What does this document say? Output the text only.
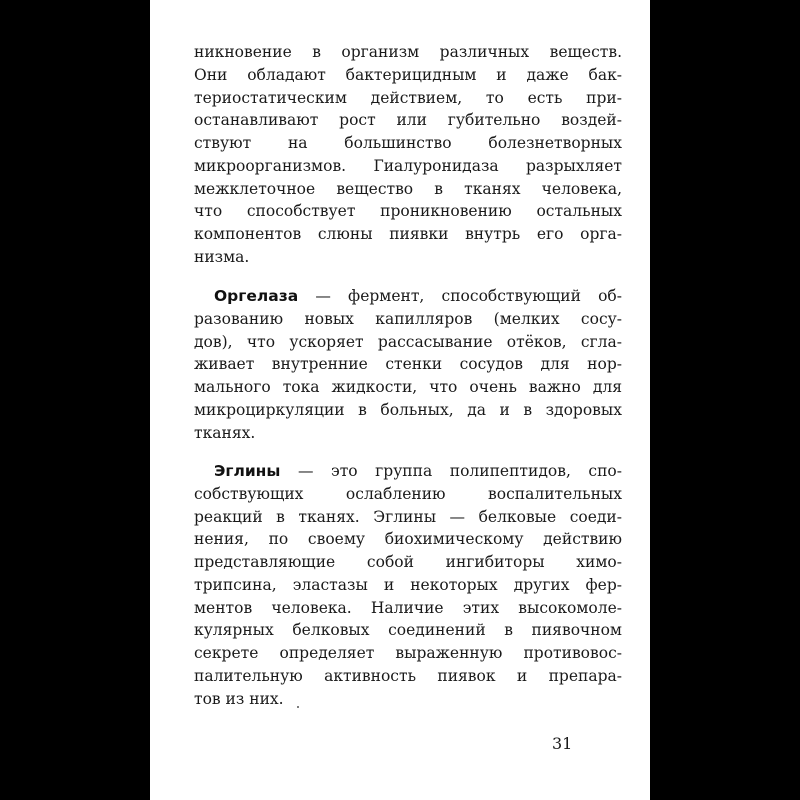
никновение в организм различных веществ.
Они обладают бактерицидным и даже бак-
териостатическим действием, то есть при-
останавливают рост или губительно воздей-
ствуют на большинство болезнетворных
микроорганизмов. Гиалуронидаза разрыхляет
межклеточное вещество в тканях человека,
что способствует проникновению остальных
компонентов слюны пиявки внутрь его орга-
низма.
Оргелаза — фермент, способствующий об-
разованию новых капилляров (мелких сосу-
дов), что ускоряет рассасывание отёков, сгла-
живает внутренние стенки сосудов для нор-
мального тока жидкости, что очень важно для
микроциркуляции в больных, да и в здоровых
тканях.
Эглины — это группа полипептидов, спо-
собствующих ослаблению воспалительных
реакций в тканях. Эглины — белковые соеди-
нения, по своему биохимическому действию
представляющие собой ингибиторы химо-
трипсина, эластазы и некоторых других фер-
ментов человека. Наличие этих высокомоле-
кулярных белковых соединений в пиявочном
секрете определяет выраженную противовос-
палительную активность пиявок и препара-
тов из них.
31
